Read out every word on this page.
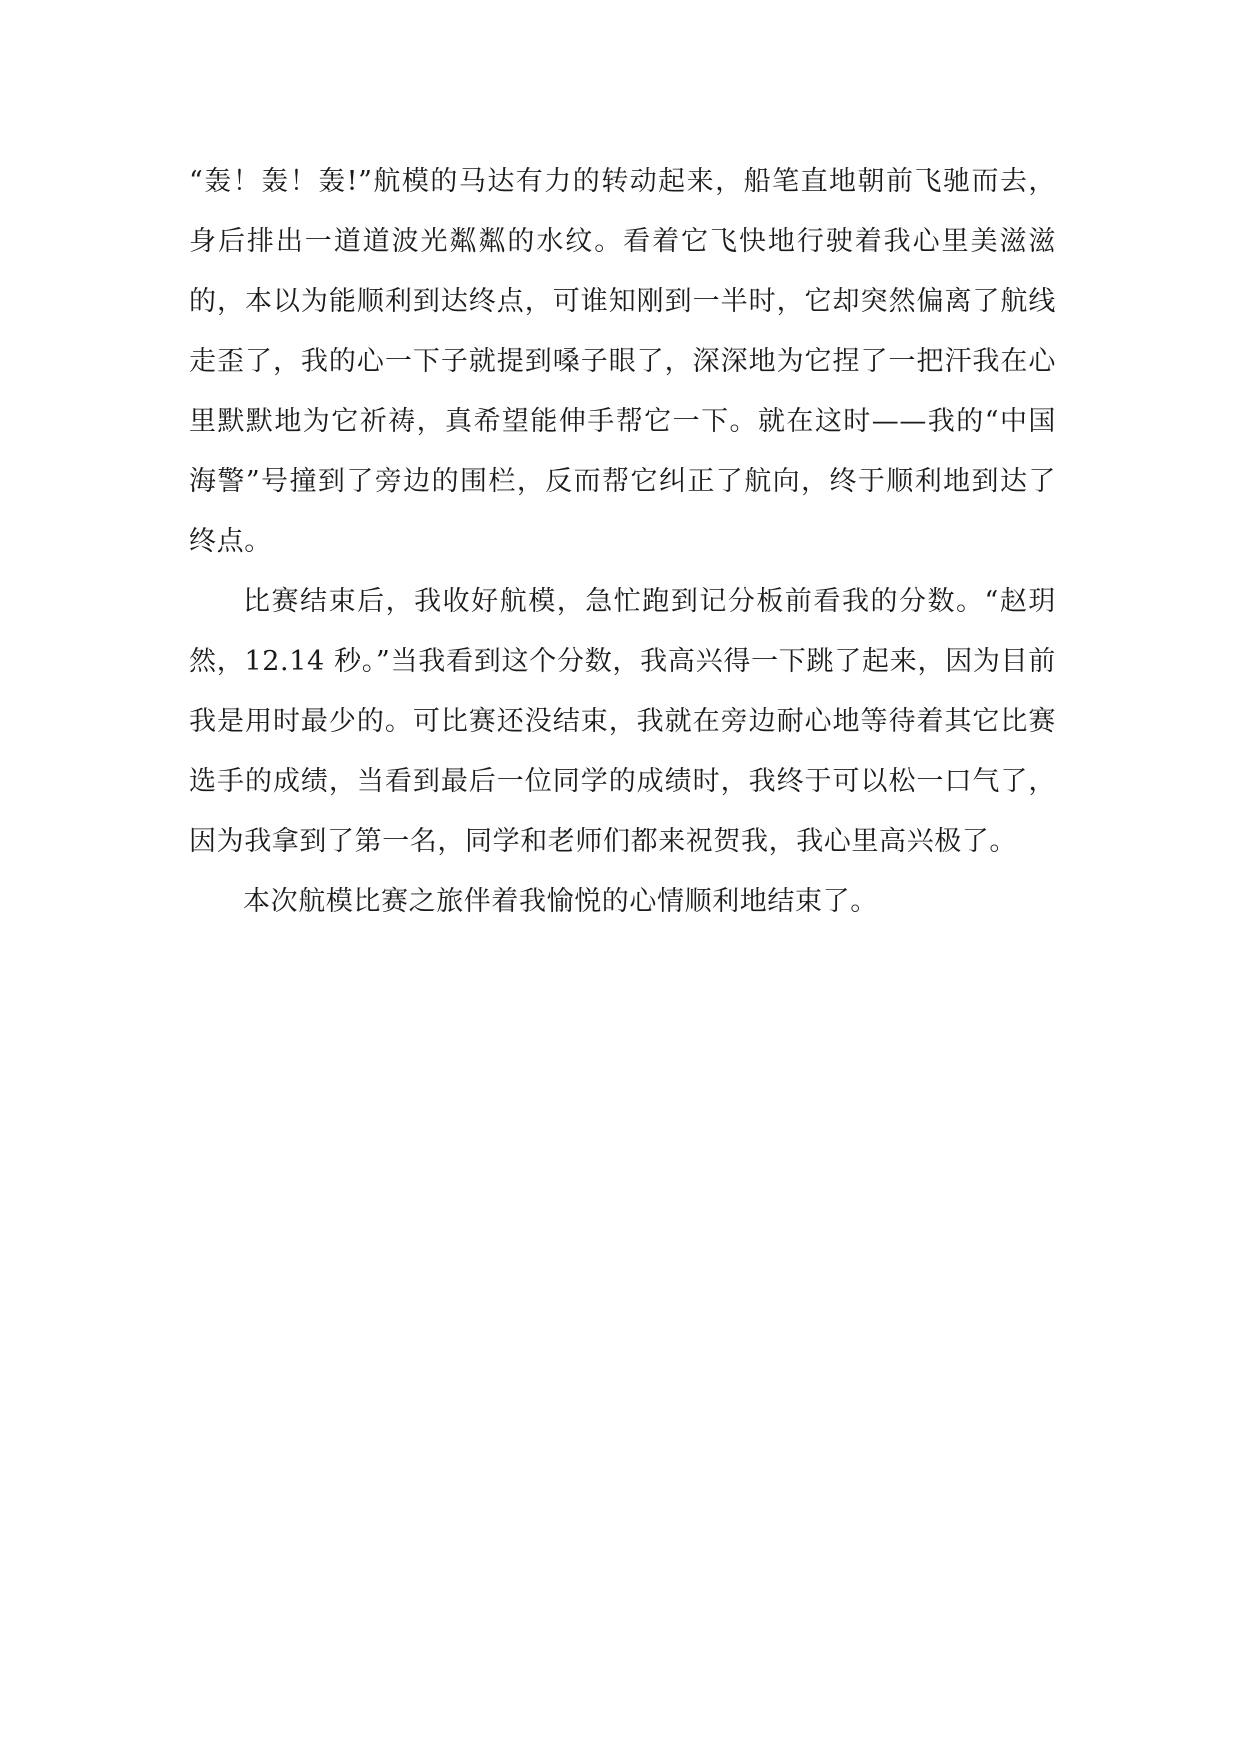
“轰！轰！轰!”航模的马达有力的转动起来，船笔直地朝前飞驰而去，身后排出一道道波光粼粼的水纹。看着它飞快地行驶着我心里美滋滋的，本以为能顺利到达终点，可谁知刚到一半时，它却突然偏离了航线走歪了，我的心一下子就提到嗓子眼了，深深地为它捏了一把汗我在心里默默地为它祈祷，真希望能伸手帮它一下。就在这时——我的“中国海警”号撞到了旁边的围栏，反而帮它纠正了航向，终于顺利地到达了终点。

比赛结束后，我收好航模，急忙跑到记分板前看我的分数。“赵玥然，12.14 秒。”当我看到这个分数，我高兴得一下跳了起来，因为目前我是用时最少的。可比赛还没结束，我就在旁边耐心地等待着其它比赛选手的成绩，当看到最后一位同学的成绩时，我终于可以松一口气了，因为我拿到了第一名，同学和老师们都来祝贺我，我心里高兴极了。

本次航模比赛之旅伴着我愉悦的心情顺利地结束了。
